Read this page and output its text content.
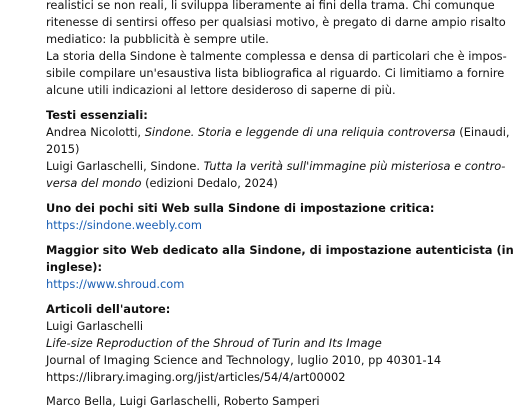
realistici se non reali, li sviluppa liberamente ai fini della trama. Chi comunque
ritenesse di sentirsi offeso per qualsiasi motivo, è pregato di darne ampio risalto
mediatico: la pubblicità è sempre utile.
La storia della Sindone è talmente complessa e densa di particolari che è impos-
sibile compilare un'esaustiva lista bibliografica al riguardo. Ci limitiamo a fornire
alcune utili indicazioni al lettore desideroso di saperne di più.
Testi essenziali:
Andrea Nicolotti, Sindone. Storia e leggende di una reliquia controversa (Einaudi,
2015)
Luigi Garlaschelli, Sindone. Tutta la verità sull'immagine più misteriosa e contro-
versa del mondo (edizioni Dedalo, 2024)
Uno dei pochi siti Web sulla Sindone di impostazione critica:
https://sindone.weebly.com
Maggior sito Web dedicato alla Sindone, di impostazione autenticista (in
inglese):
https://www.shroud.com
Articoli dell'autore:
Luigi Garlaschelli
Life-size Reproduction of the Shroud of Turin and Its Image
Journal of Imaging Science and Technology, luglio 2010, pp 40301-14
https://library.imaging.org/jist/articles/54/4/art00002
Marco Bella, Luigi Garlaschelli, Roberto Samperi
